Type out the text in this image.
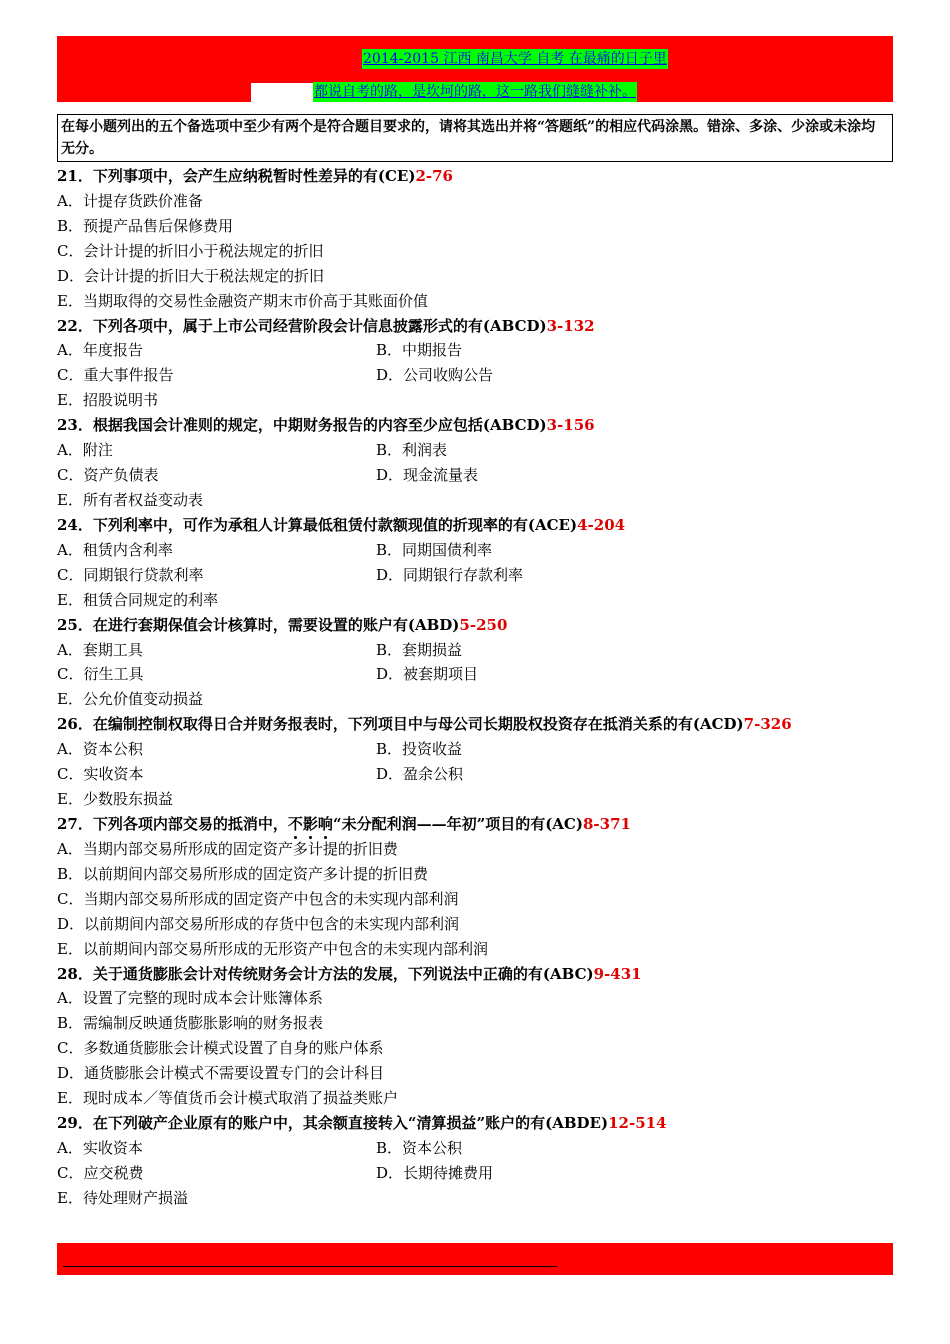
2014-2015 江西 南昌大学 自考 在最痛的日子里
都说自考的路，是坎坷的路，这一路我们缝缝补补。
在每小题列出的五个备选项中至少有两个是符合题目要求的，请将其选出并将“答题纸”的相应代码涂黑。错涂、多涂、少涂或未涂均无分。
21．下列事项中，会产生应纳税暂时性差异的有(CE)2-76
A．计提存货跌价准备
B．预提产品售后保修费用
C．会计计提的折旧小于税法规定的折旧
D．会计计提的折旧大于税法规定的折旧
E．当期取得的交易性金融资产期末市价高于其账面价值
22．下列各项中，属于上市公司经营阶段会计信息披露形式的有(ABCD)3-132
A．年度报告	B．中期报告
C．重大事件报告	D．公司收购公告
E．招股说明书
23．根据我国会计准则的规定，中期财务报告的内容至少应包括(ABCD)3-156
A．附注	B．利润表
C．资产负债表	D．现金流量表
E．所有者权益变动表
24．下列利率中，可作为承租人计算最低租赁付款额现值的折现率的有(ACE)4-204
A．租赁内含利率	B．同期国债利率
C．同期银行贷款利率	D．同期银行存款利率
E．租赁合同规定的利率
25．在进行套期保值会计核算时，需要设置的账户有(ABD)5-250
A．套期工具	B．套期损益
C．衍生工具	D．被套期项目
E．公允价值变动损益
26．在编制控制权取得日合并财务报表时，下列项目中与母公司长期股权投资存在抵消关系的有(ACD)7-326
A．资本公积	B．投资收益
C．实收资本	D．盈余公积
E．少数股东损益
27．下列各项内部交易的抵消中，不影响“未分配利润——年初”项目的有(AC)8-371
A．当期内部交易所形成的固定资产多计提的折旧费
B．以前期间内部交易所形成的固定资产多计提的折旧费
C．当期内部交易所形成的固定资产中包含的未实现内部利润
D．以前期间内部交易所形成的存货中包含的未实现内部利润
E．以前期间内部交易所形成的无形资产中包含的未实现内部利润
28．关于通货膨胀会计对传统财务会计方法的发展，下列说法中正确的有(ABC)9-431
A．设置了完整的现时成本会计账簿体系
B．需编制反映通货膨胀影响的财务报表
C．多数通货膨胀会计模式设置了自身的账户体系
D．通货膨胀会计模式不需要设置专门的会计科目
E．现时成本／等值货币会计模式取消了损益类账户
29．在下列破产企业原有的账户中，其余额直接转入“清算损益”账户的有(ABDE)12-514
A．实收资本	B．资本公积
C．应交税费	D．长期待摊费用
E．待处理财产损溢
